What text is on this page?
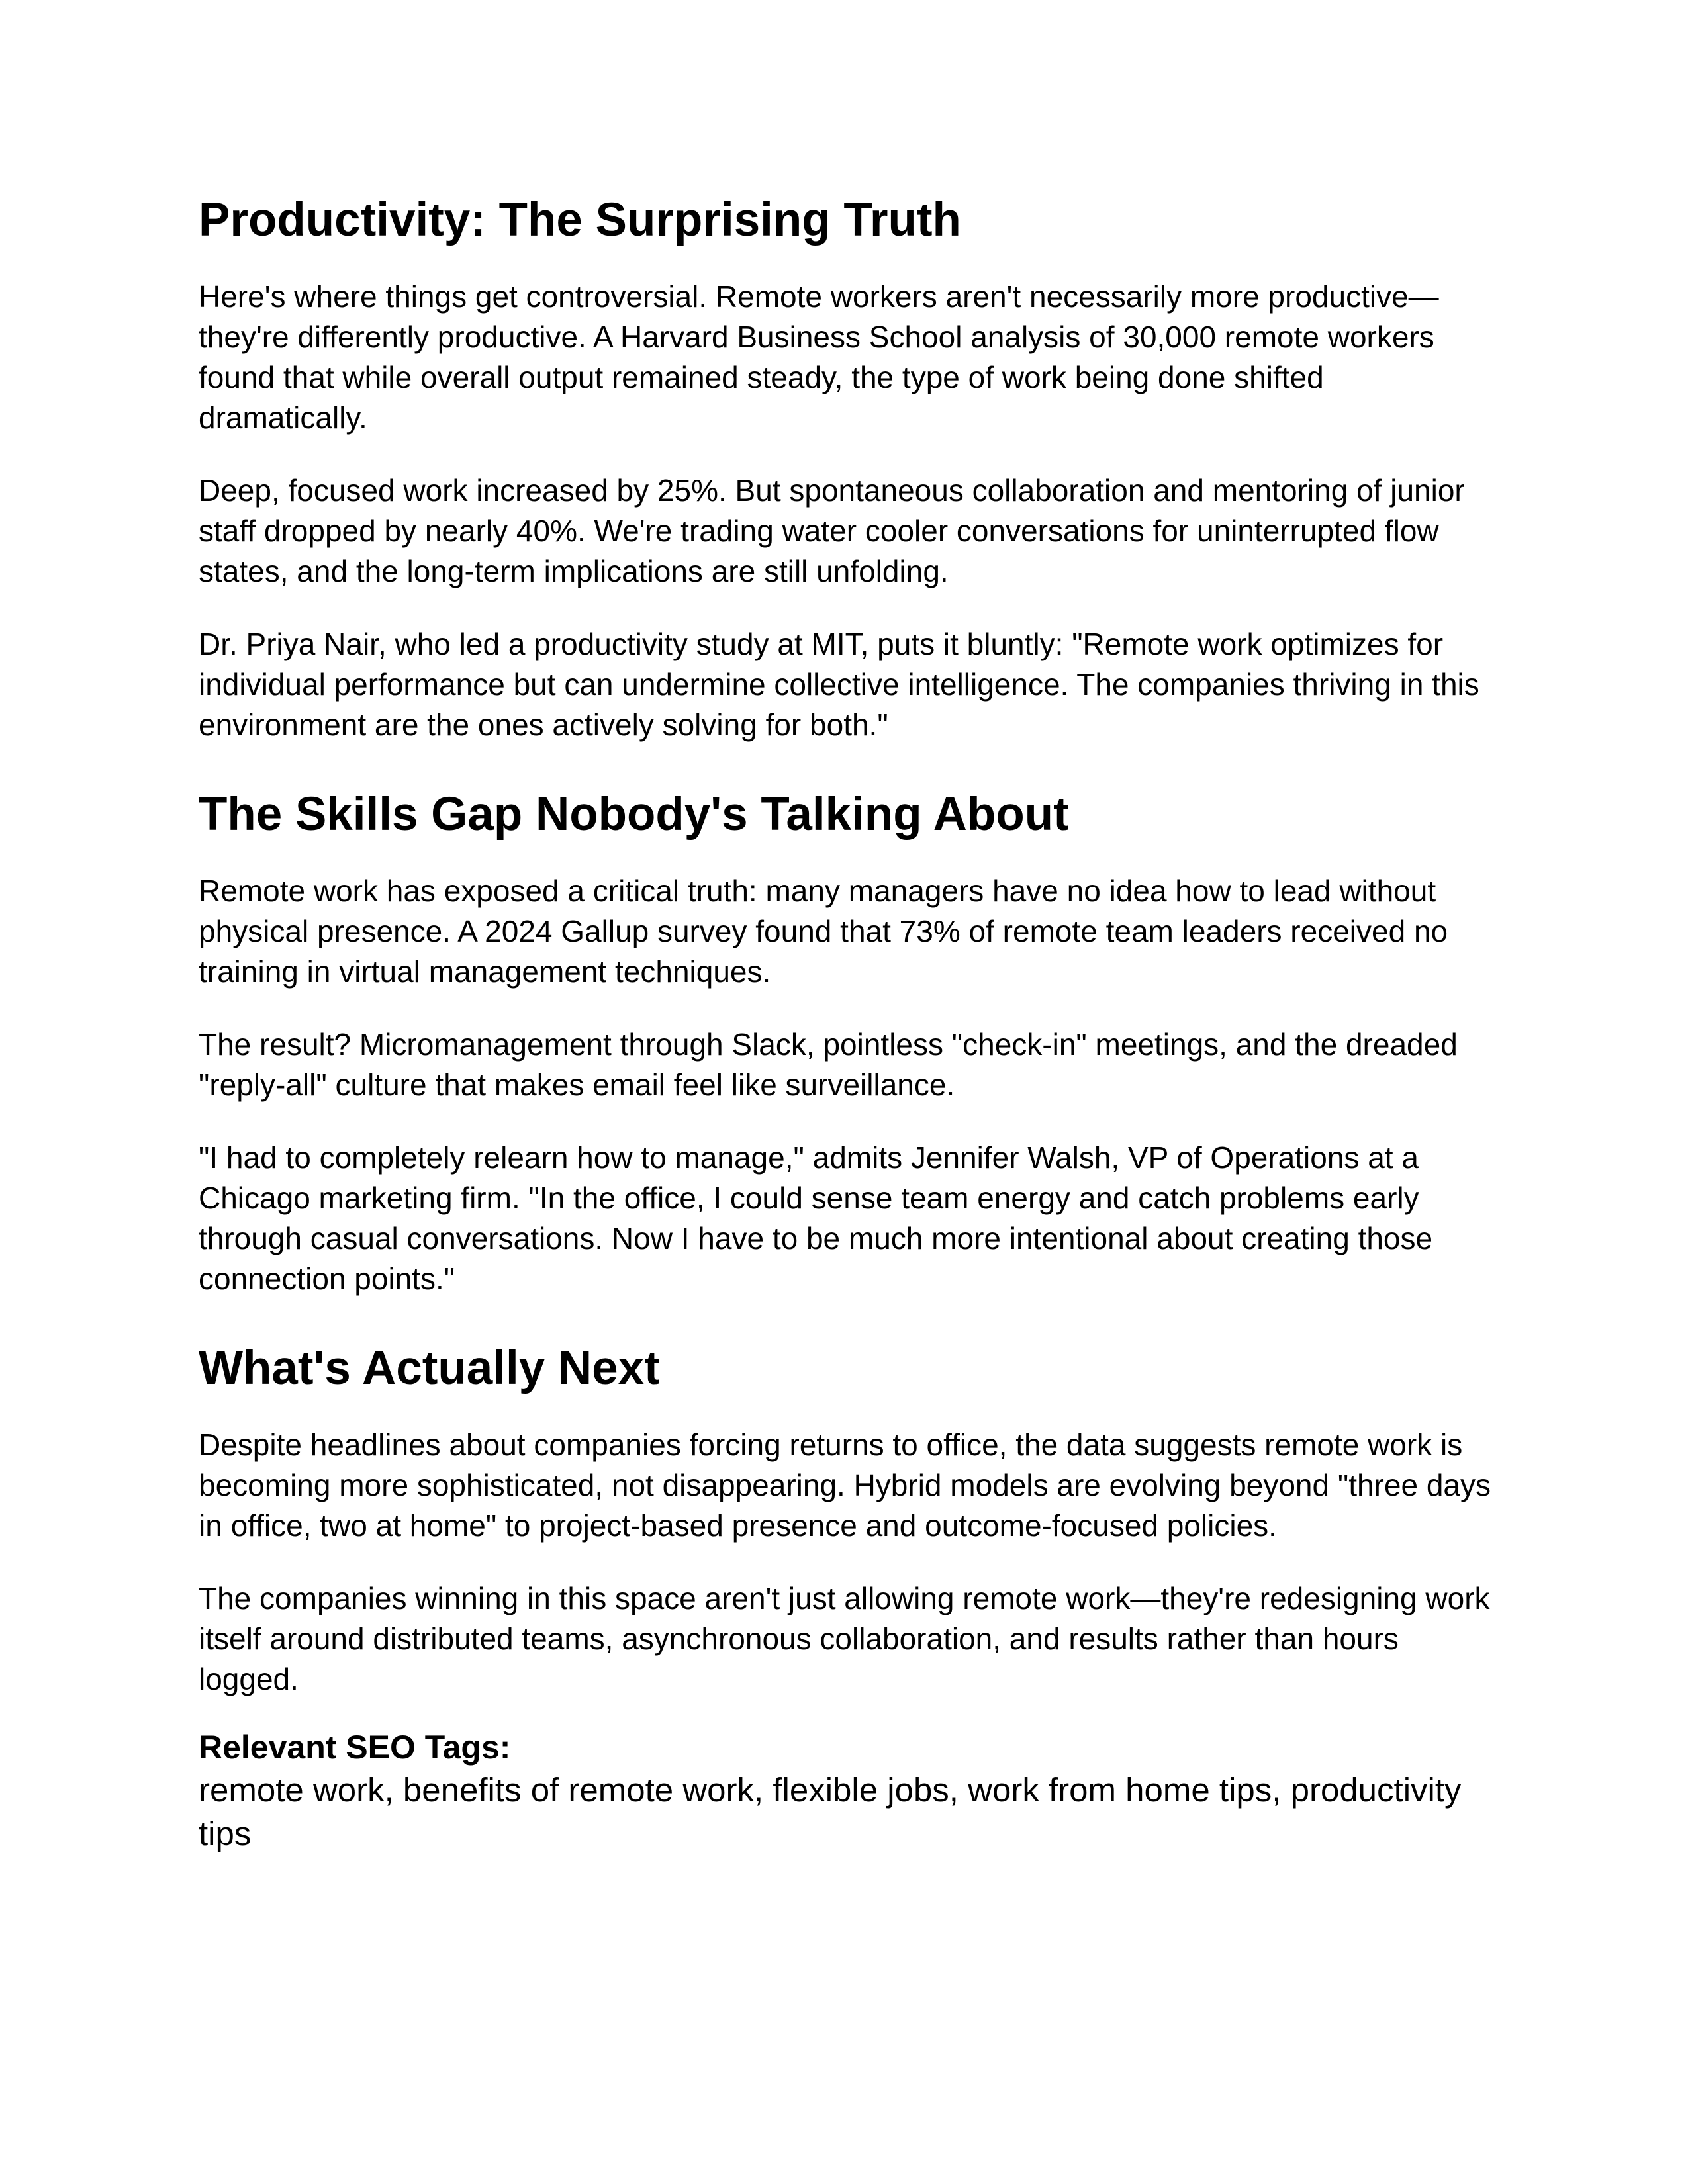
Productivity: The Surprising Truth

Here's where things get controversial. Remote workers aren't necessarily more productive—they're differently productive. A Harvard Business School analysis of 30,000 remote workers found that while overall output remained steady, the type of work being done shifted dramatically.

Deep, focused work increased by 25%. But spontaneous collaboration and mentoring of junior staff dropped by nearly 40%. We're trading water cooler conversations for uninterrupted flow states, and the long-term implications are still unfolding.

Dr. Priya Nair, who led a productivity study at MIT, puts it bluntly: "Remote work optimizes for individual performance but can undermine collective intelligence. The companies thriving in this environment are the ones actively solving for both."

The Skills Gap Nobody's Talking About

Remote work has exposed a critical truth: many managers have no idea how to lead without physical presence. A 2024 Gallup survey found that 73% of remote team leaders received no training in virtual management techniques.

The result? Micromanagement through Slack, pointless "check-in" meetings, and the dreaded "reply-all" culture that makes email feel like surveillance.

"I had to completely relearn how to manage," admits Jennifer Walsh, VP of Operations at a Chicago marketing firm. "In the office, I could sense team energy and catch problems early through casual conversations. Now I have to be much more intentional about creating those connection points."

What's Actually Next

Despite headlines about companies forcing returns to office, the data suggests remote work is becoming more sophisticated, not disappearing. Hybrid models are evolving beyond "three days in office, two at home" to project-based presence and outcome-focused policies.

The companies winning in this space aren't just allowing remote work—they're redesigning work itself around distributed teams, asynchronous collaboration, and results rather than hours logged.

Relevant SEO Tags:

remote work, benefits of remote work, flexible jobs, work from home tips, productivity tips
